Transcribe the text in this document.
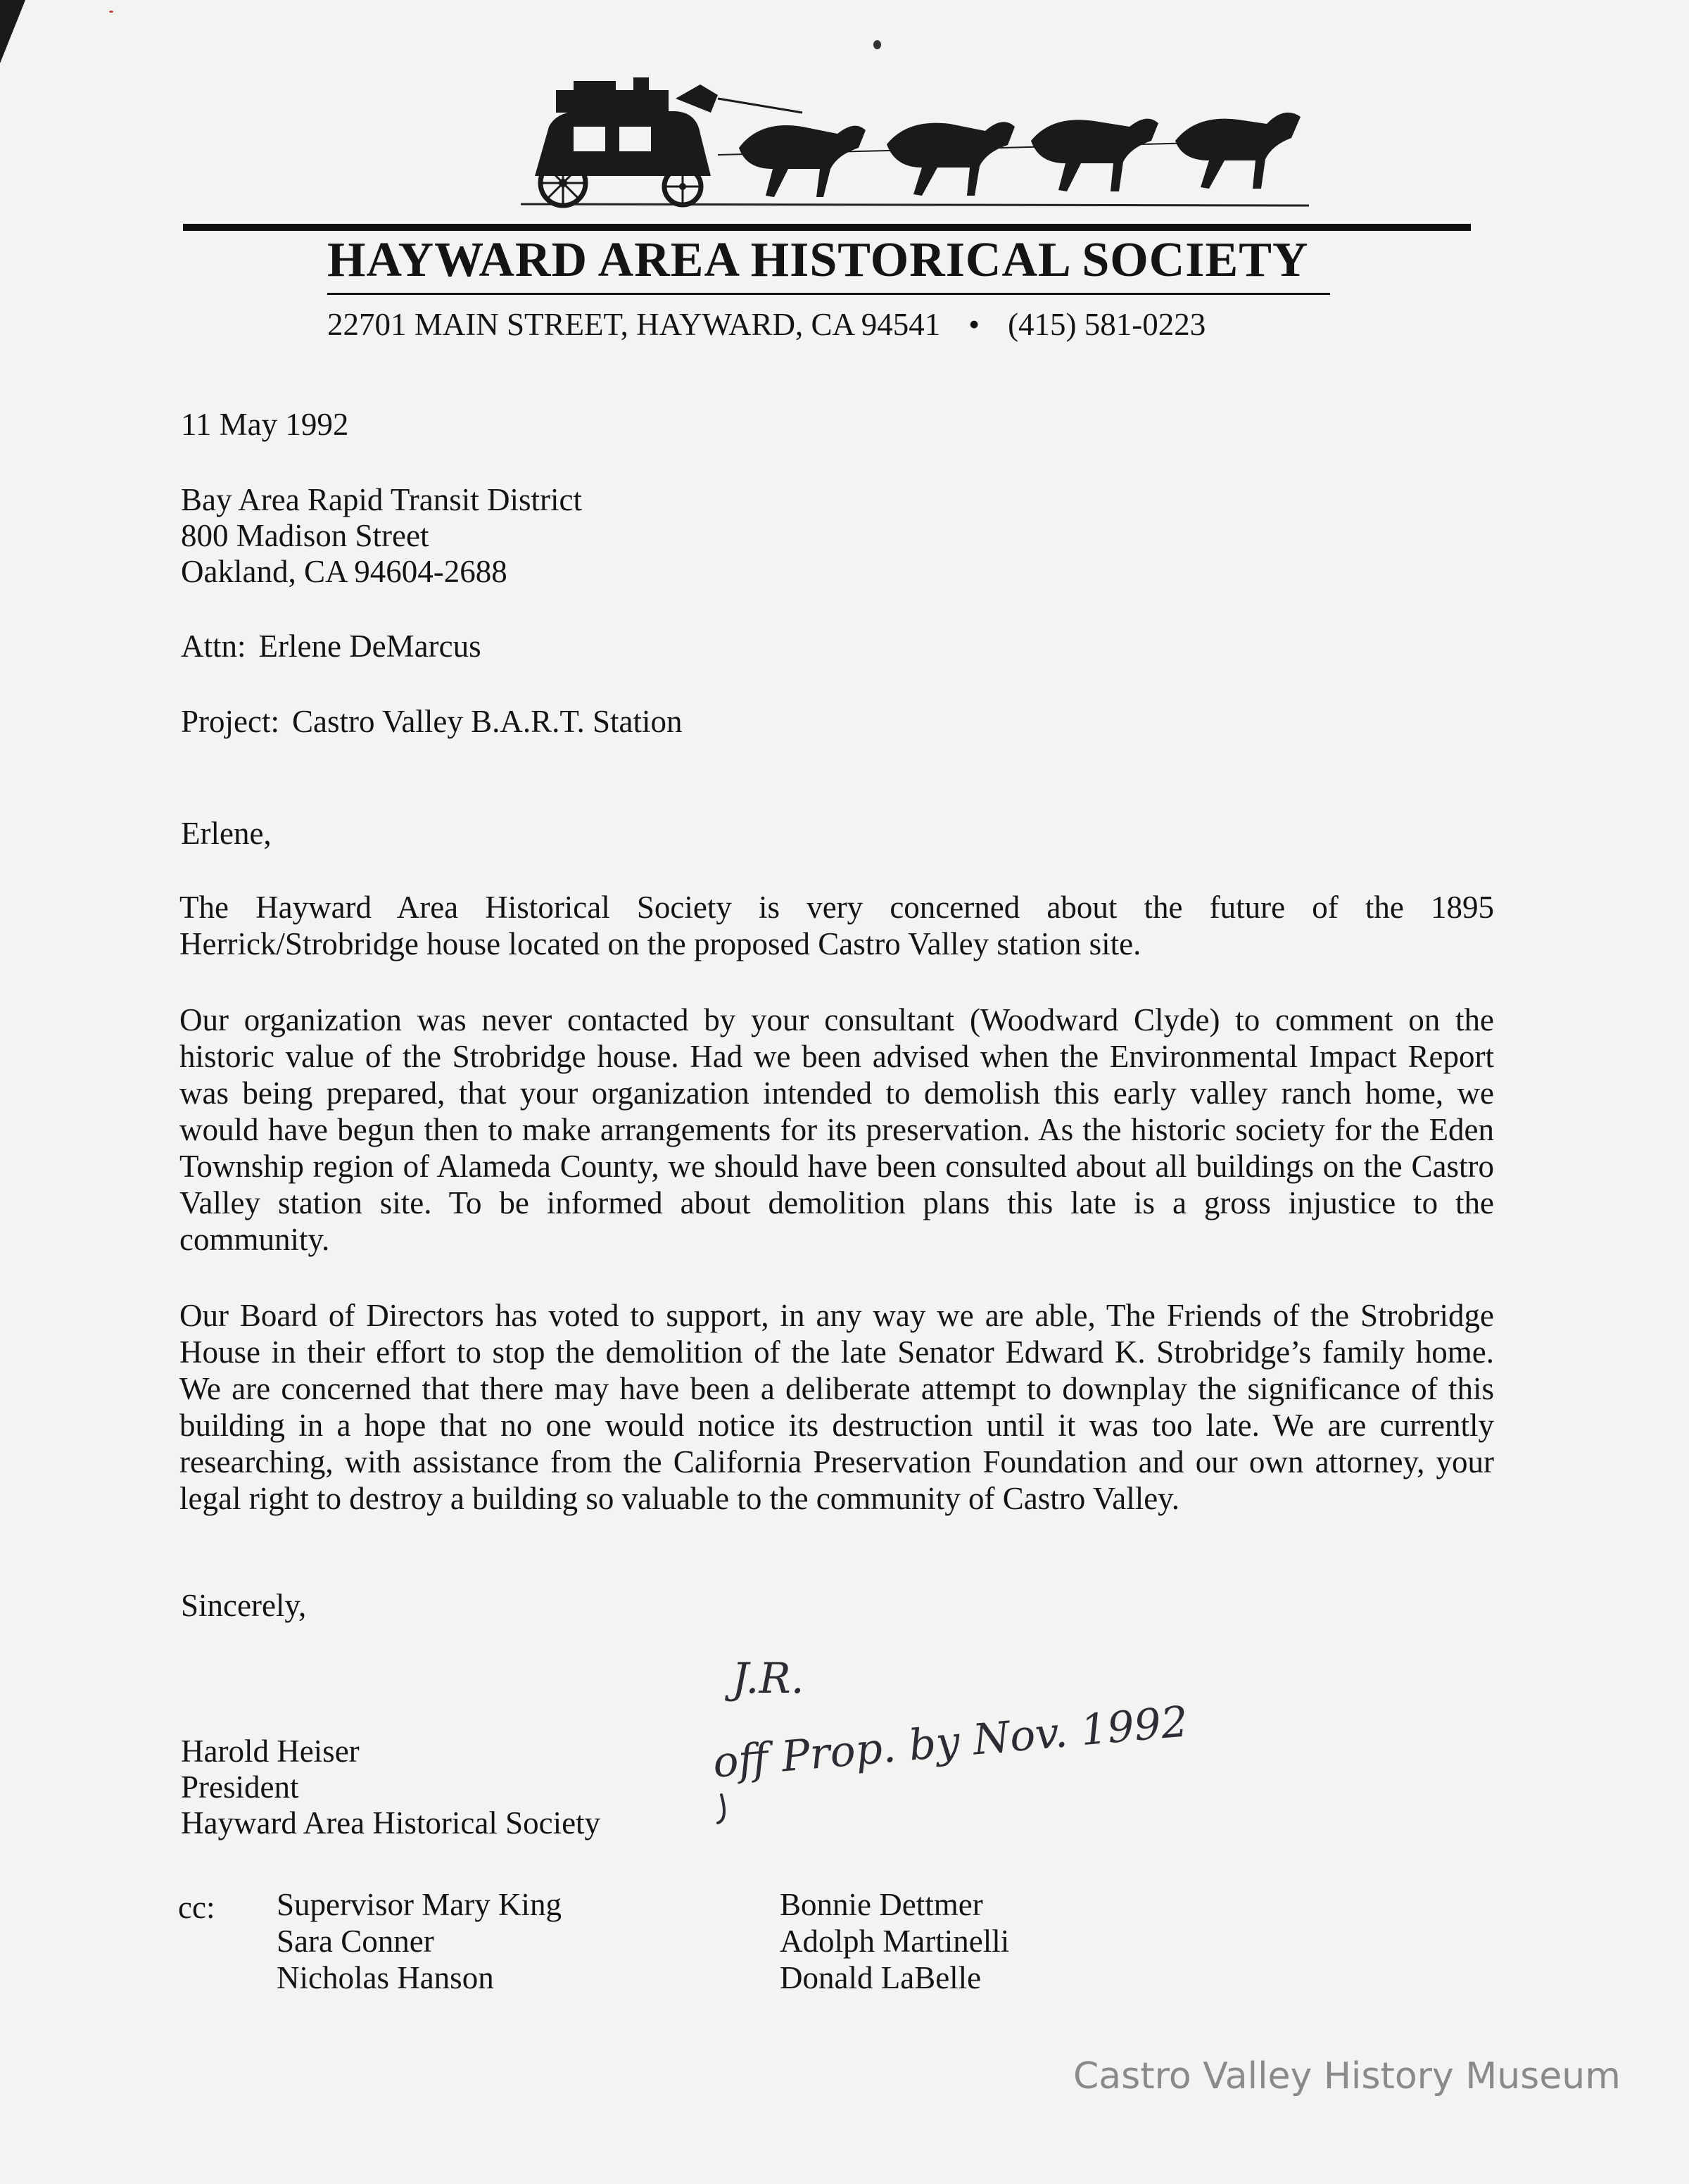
HAYWARD AREA HISTORICAL SOCIETY
22701 MAIN STREET, HAYWARD, CA 94541 • (415) 581-0223
11 May 1992
Bay Area Rapid Transit District
800 Madison Street
Oakland, CA 94604-2688
Attn: Erlene DeMarcus
Project: Castro Valley B.A.R.T. Station
Erlene,
The Hayward Area Historical Society is very concerned about the future of the 1895 Herrick/Strobridge house located on the proposed Castro Valley station site.
Our organization was never contacted by your consultant (Woodward Clyde) to comment on the historic value of the Strobridge house. Had we been advised when the Environmental Impact Report was being prepared, that your organization intended to demolish this early valley ranch home, we would have begun then to make arrangements for its preservation. As the historic society for the Eden Township region of Alameda County, we should have been consulted about all buildings on the Castro Valley station site. To be informed about demolition plans this late is a gross injustice to the community.
Our Board of Directors has voted to support, in any way we are able, The Friends of the Strobridge House in their effort to stop the demolition of the late Senator Edward K. Strobridge’s family home. We are concerned that there may have been a deliberate attempt to downplay the significance of this building in a hope that no one would notice its destruction until it was too late. We are currently researching, with assistance from the California Preservation Foundation and our own attorney, your legal right to destroy a building so valuable to the community of Castro Valley.
Sincerely,
J.R.
off Prop. by Nov. 1992
Harold Heiser
President
Hayward Area Historical Society
cc: Supervisor Mary King
Sara Conner
Nicholas Hanson
Bonnie Dettmer
Adolph Martinelli
Donald LaBelle
Castro Valley History Museum
